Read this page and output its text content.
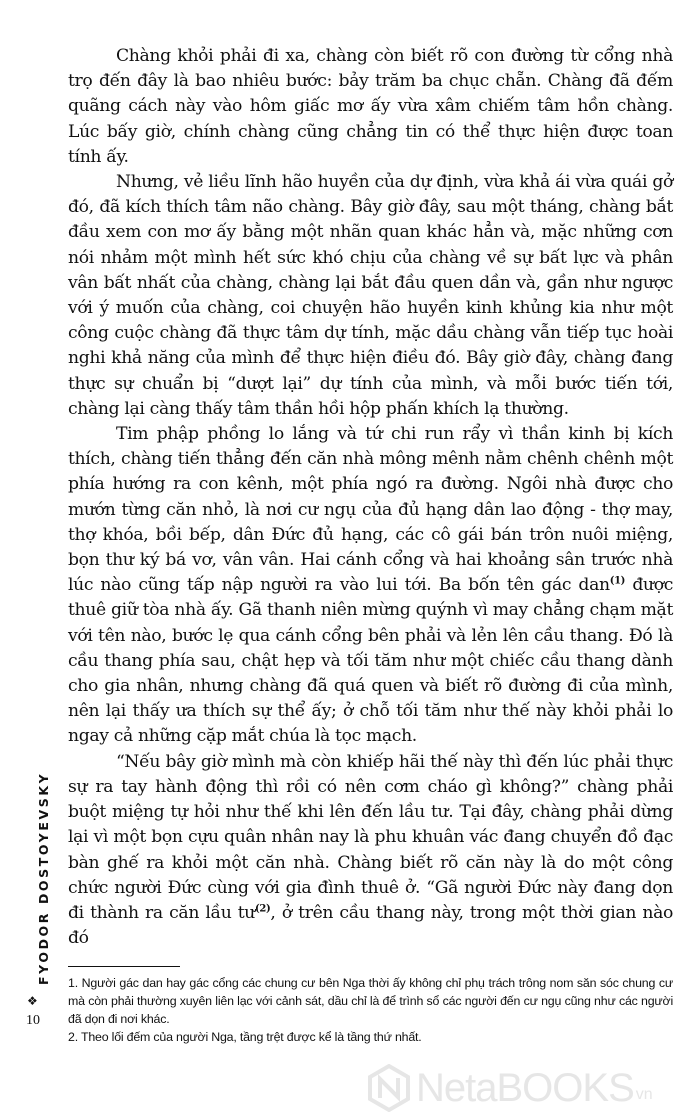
Chàng khỏi phải đi xa, chàng còn biết rõ con đường từ cổng nhà trọ đến đây là bao nhiêu bước: bảy trăm ba chục chẵn. Chàng đã đếm quãng cách này vào hôm giấc mơ ấy vừa xâm chiếm tâm hồn chàng. Lúc bấy giờ, chính chàng cũng chẳng tin có thể thực hiện được toan tính ấy.

Nhưng, vẻ liều lĩnh hão huyền của dự định, vừa khả ái vừa quái gở đó, đã kích thích tâm não chàng. Bây giờ đây, sau một tháng, chàng bắt đầu xem con mơ ấy bằng một nhãn quan khác hẳn và, mặc những cơn nói nhảm một mình hết sức khó chịu của chàng về sự bất lực và phân vân bất nhất của chàng, chàng lại bắt đầu quen dần và, gần như ngược với ý muốn của chàng, coi chuyện hão huyền kinh khủng kia như một công cuộc chàng đã thực tâm dự tính, mặc dầu chàng vẫn tiếp tục hoài nghi khả năng của mình để thực hiện điều đó. Bây giờ đây, chàng đang thực sự chuẩn bị “dượt lại” dự tính của mình, và mỗi bước tiến tới, chàng lại càng thấy tâm thần hồi hộp phấn khích lạ thường.

Tim phập phồng lo lắng và tứ chi run rẩy vì thần kinh bị kích thích, chàng tiến thẳng đến căn nhà mông mênh nằm chênh chênh một phía hướng ra con kênh, một phía ngó ra đường. Ngôi nhà được cho mướn từng căn nhỏ, là nơi cư ngụ của đủ hạng dân lao động - thợ may, thợ khóa, bồi bếp, dân Đức đủ hạng, các cô gái bán trôn nuôi miệng, bọn thư ký bá vơ, vân vân. Hai cánh cổng và hai khoảng sân trước nhà lúc nào cũng tấp nập người ra vào lui tới. Ba bốn tên gác dan$^{(1)}$ được thuê giữ tòa nhà ấy. Gã thanh niên mừng quýnh vì may chẳng chạm mặt với tên nào, bước lẹ qua cánh cổng bên phải và lẻn lên cầu thang. Đó là cầu thang phía sau, chật hẹp và tối tăm như một chiếc cầu thang dành cho gia nhân, nhưng chàng đã quá quen và biết rõ đường đi của mình, nên lại thấy ưa thích sự thể ấy; ở chỗ tối tăm như thế này khỏi phải lo ngay cả những cặp mắt chúa là tọc mạch.

“Nếu bây giờ mình mà còn khiếp hãi thế này thì đến lúc phải thực sự ra tay hành động thì rồi có nên cơm cháo gì không?” chàng phải buột miệng tự hỏi như thế khi lên đến lầu tư. Tại đây, chàng phải dừng lại vì một bọn cựu quân nhân nay là phu khuân vác đang chuyển đồ đạc bàn ghế ra khỏi một căn nhà. Chàng biết rõ căn này là do một công chức người Đức cùng với gia đình thuê ở. “Gã người Đức này đang dọn đi thành ra căn lầu $tư^{(2)}$, ở trên cầu thang này, trong một thời gian nào đó

1. Người gác dan hay gác cổng các chung cư bên Nga thời ấy không chỉ phụ trách trông nom săn sóc chung cư mà còn phải thường xuyên liên lạc với cảnh sát, dầu chỉ là để trình sổ các người đến cư ngụ cũng như các người đã dọn đi nơi khác.

2. Theo lối đếm của người Nga, tầng trệt được kể là tầng thứ nhất.

FYODOR DOSTOYEVSKY
❖
10
NetaBOOKS vn
